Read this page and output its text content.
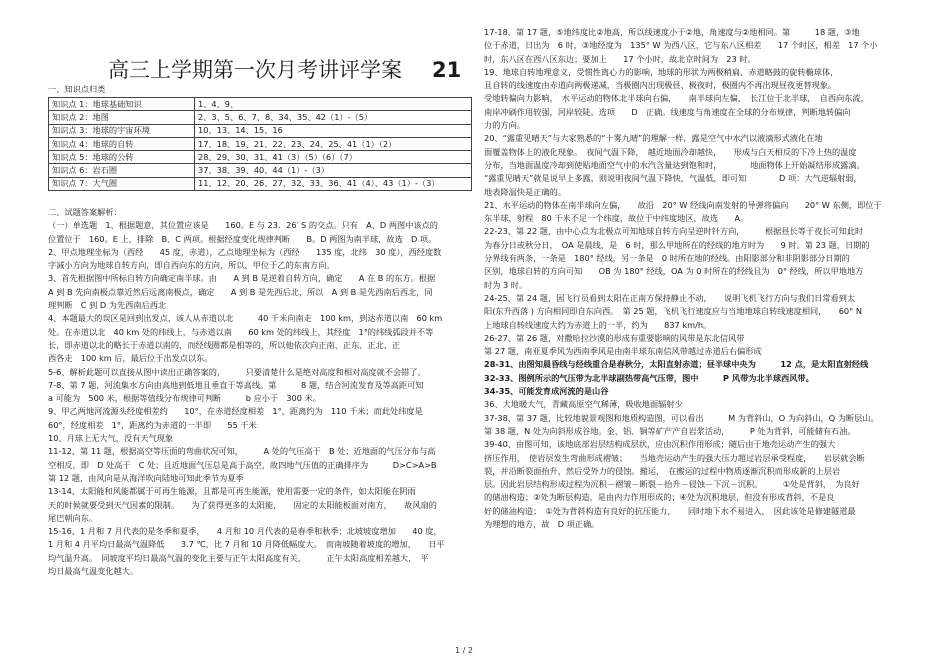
高三上学期第一次月考讲评学案 21
一、知识点归类
知识点 1：地球基础知识	1、4、9、
知识点 2：地图	2、3、5、6、7、8、34、35、42（1）-（5）
知识点 3：地球的宇宙环境	10、13、14、15、16
知识点 4：地球的自转	17、18、19、21、22、23、24、25、41（1）（2）
知识点 5：地球的公转	28、29、30、31、41（3）（5）（6）（7）
知识点 6：岩石圈	37、38、39、40、44（1）-（3）
知识点 7：大气圈	11、12、20、26、27、32、33、36、41（4）、43（1）-（3）
二、试题答案解析：
（一）单选题　1、根据题意，其位置应该是　　160。E 与 23．26′ S 的交点。只有　A、D 两图中该点的
位置位于　160。E 上，排除　B、C 两项。根据经度变化规律判断　　B。D 两图为南半球，故选　D 项。
2、甲点地理坐标为（西经　　45 度，赤道），乙点地理坐标为（西经　　135 度，北纬　30 度），西经度数
字减小方向为地球自转方向，即自西向东的方向，所以，甲位于乙的东南方向。
3、首先根据图中所标自转方向确定南半球。由　　A 到 B 是逆着自转方向，确定　　A 在 B 的东方。根据
A 到 B 先向南极点靠近然后远离南极点，确定　　A 到 B 是先西后北，所以　A 到 B 是先西南后西北，同
理判断　C 到 D 为先西南后西北
4、本题最大的误区是回到出发点，该人从赤道以北　　　40 千米向南走　100 km，到达赤道以南　60 km
处。在赤道以北　40 km 处的纬线上，与赤道以南　　60 km 处的纬线上，其经度　1°的纬线弧段并不等
长，即赤道以北的略长于赤道以南的，而经线圈都是相等的，所以他依次向正南、正东、正北、正
西各走　100 km 后，最后位于出发点以东。
5-6、解析此题可以直接从图中读出正确答案的，　　　只要清楚什么是绝对高度和相对高度就不会错了。
7-8、第 7 题，河流集水方向由高地到低地且垂直于等高线。第　　　8 题，结合河流发育及等高距可知
a 可能为　500 米，根据等值线分布规律可判断　　　b 应小于　300 米。
9、甲乙两地河流源头经度相差约　　10°，在赤道经度相差　1°，距离约为　110 千米；而此处纬度是
60°，经度相差　1°，距离约为赤道的一半即　　55 千米
10、月球上无大气，没有天气现象
11-12、第 11 题，根据高空等压面的弯曲状况可知，　　　A 处的气压高于　B 处；近地面的气压分布与高
空相反，即　D 处高于　C 处；且近地面气压总是高于高空，故四地气压值的正确排序为　　　D>C>A>B
第 12 题，由风向是从海洋吹向陆地可知此季节为夏季
13-14、太阳能和风能都属于可再生能源，且都是可再生能源，使用需要一定的条件，如太阳能在阴雨
天的时候就要受到天气因素的限制。　　为了获得更多的太阳能，　　固定的太阳能板面对南方，　　故风扇的
尾巴朝向东。
15-16、1 月和 7 月代表的是冬季和夏季，　　4 月和 10 月代表的是春季和秋季；北坡坡度增加　　40 度，
1 月和 4 月平均日最高气温降低　　3.7 ℃，比 7 月和 10 月降低幅度大。　而南坡随着坡度的增加，　　日平
均气温升高。　同坡度平均日最高气温的变化主要与正午太阳高度有关，　　　正午太阳高度相差越大，　平
均日最高气温变化越大。
17-18、第 17 题，⑤地纬度比②地高，所以线速度小于②地，角速度与②地相同。第　　　18 题，③地
位于赤道，日出为　6 时，③地经度为　135° W 为西八区，它与东八区相差　　17 个时区，相差　17 个小
时，东八区在西八区东边；要加上　　17 个小时，故北京时间为　23 时。
19、地球自转地理意义，受惯性离心力的影响，地球的形状为两极稍扁、赤道略鼓的旋转椭球体，
且自转的线速度由赤道向两极递减，当极圈内出现极昼、极夜时，极圈内不再出现昼夜更替现象。
受地转偏向力影响，　水平运动的物体北半球向右偏，　　南半球向左偏，　长江位于北半球，　自西向东流，
南岸冲刷作用较强，河岸较陡。选项　　D　正确。线速度与角速度在全球的分布规律，判断地转偏向
力的方向。
20、“露重见晴天”与大家熟悉的“十雾九晴”的理解一样，露是空气中水汽以液滴形式液化在地
面覆盖物体上的液化现象。　夜间气温下降，　越近地面冷却越快，　　形成与白天相反的下冷上热的温度
分布，当地面温度冷却到使贴地面空气中的水汽含量达到饱和时，　　　　地面物体上开始凝结形成露滴。
“露重见晴天”就是说早上多露，则说明夜间气温下降快，气温低，即可知　　　　D 项：大气逆辐射弱，
地表降温快是正确的。
21、水平运动的物体在南半球向左偏，　　故沿　20° W 经线向南发射的导弹将偏向　　20° W 东侧，即位于
东半球，射程　80 千米不足一个纬度，故位于中纬度地区，故选　　A。
22-23、第 22 题，由中心点为北极点可知地球自转方向呈逆时针方向，　　　根据昼长等于夜长可知此时
为春分日或秋分日，　OA 是晨线，是　6 时，那么甲地所在的经线的地方时为　　9 时。第 23 题，日期的
分界线有两条，一条是　180° 经线，另一条是　0 时所在地的经线。由阳影部分和非阴影部分日期的
区别，地球自转的方向可知　　OB 为 180° 经线，OA 为 0 时所在的经线且为　0° 经线，所以甲地地方
时为 3 时。
24-25、第 24 题，因飞行员看到太阳在正南方保持静止不动，　　说明飞机飞行方向与我们日常看到太
阳(东升西落 ) 方向相同即自东向西。　第 25 题，飞机飞行速度应与当地地球自转线速度相同，　　60° N
上地球自转线速度大约为赤道上的一半，约为　　837 km/h。
26-27、第 26 题，对撒哈拉沙漠的形成有重要影响的风带是东北信风带
第 27 题，南亚夏季风为西南季风是由南半球东南信风带越过赤道后右偏形成
28-31、由图知晨昏线与经线重合是春秋分，太阳直射赤道；昼半球中央为　　　12 点，是太阳直射经线
32-33、图例所示的气压带为北半球副热带高气压带，图中　　　P 风带为北半球西风带。
34-35、可能发育成河流的是山谷
36、大地暖大气，青藏高原空气稀薄，吸收地面辐射少
37-38、第 37 题，比较地貌景观图和地质构造图，可以看出　　　M 为背斜山，O 为向斜山，Q 为断层山。
第 38 题，N 处为向斜形成谷地。金、铝、铜等矿产产自岩浆活动，　　　P 处为背斜，可能储有石油。
39-40、由图可知，该地底部岩层结构成层状，应由沉积作用形成；随后由于地壳运动产生的强大
挤压作用，　使岩层发生弯曲形成褶皱；　　当地壳运动产生的强大压力超过岩层承受程度，　　岩层就会断
裂，并沿断裂面抬升，然后受外力的侵蚀。搬运，　在搬运的过程中物质逐渐沉积而形成新的上层岩
层。因此岩层结构形成过程为沉积－褶皱－断裂－抬升－侵蚀－下沉－沉积。　　　①处是背斜，　为良好
的储油构造；②处为断层构造，是由内力作用形成的；④处为沉积地层，但没有形成背斜，不是良
好的储油构造；　①处为背斜构造有良好的抗压能力，　　同时地下水不易进入，　因此该处是修建隧道最
为理想的地方，故　D 项正确。
1 / 2
